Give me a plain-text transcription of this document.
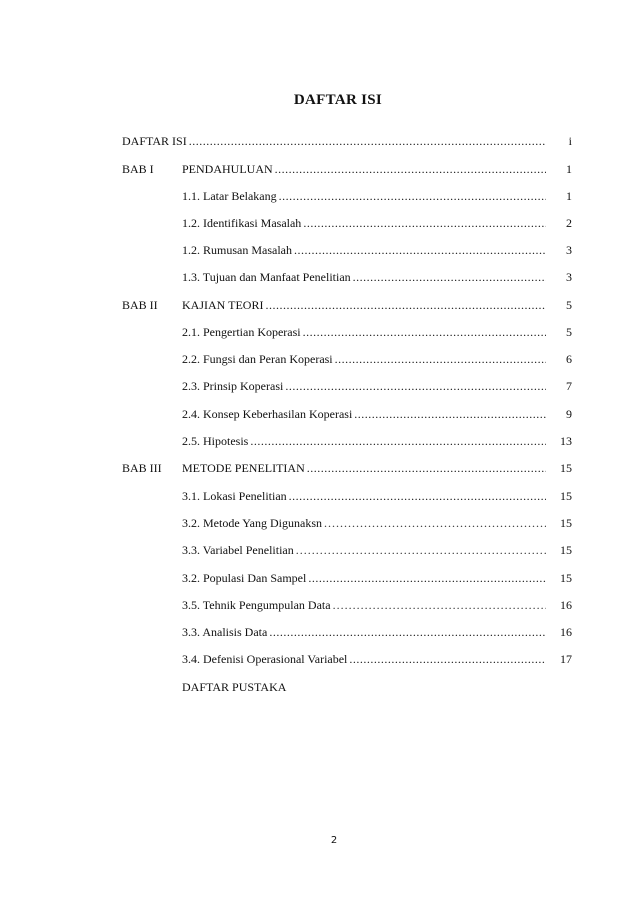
DAFTAR ISI
DAFTAR ISI .....	i
BAB I	PENDAHULUAN .....	1
1.1. Latar Belakang .....	1
1.2. Identifikasi Masalah .....	2
1.2. Rumusan Masalah .....	3
1.3. Tujuan dan Manfaat Penelitian .....	3
BAB II	KAJIAN TEORI .....	5
2.1. Pengertian Koperasi .....	5
2.2. Fungsi dan Peran Koperasi .....	6
2.3. Prinsip Koperasi .....	7
2.4. Konsep Keberhasilan Koperasi .....	9
2.5. Hipotesis .....	13
BAB III	METODE PENELITIAN .....	15
3.1. Lokasi Penelitian .....	15
3.2. Metode Yang Digunaksn .....	15
3.3. Variabel Penelitian .....	15
3.2. Populasi Dan Sampel .....	15
3.5. Tehnik Pengumpulan Data .....	16
3.3. Analisis Data .....	16
3.4. Defenisi Operasional Variabel .....	17
DAFTAR PUSTAKA
2
